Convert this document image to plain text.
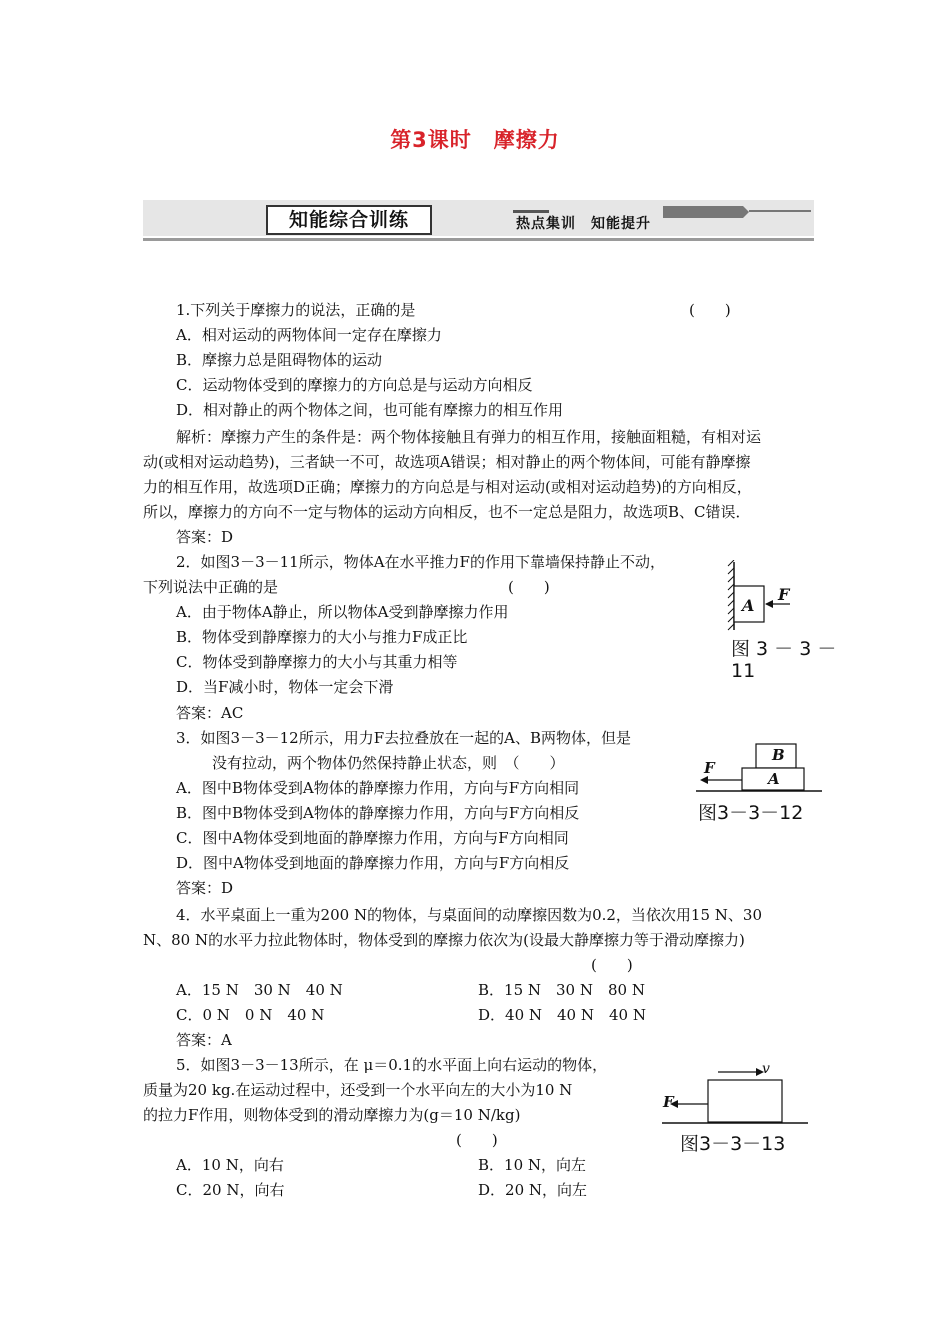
第3课时　摩擦力
知能综合训练	热点集训　知能提升
1.下列关于摩擦力的说法，正确的是	(　　)
A．相对运动的两物体间一定存在摩擦力
B．摩擦力总是阻碍物体的运动
C．运动物体受到的摩擦力的方向总是与运动方向相反
D．相对静止的两个物体之间，也可能有摩擦力的相互作用
解析：摩擦力产生的条件是：两个物体接触且有弹力的相互作用，接触面粗糙，有相对运
动(或相对运动趋势)，三者缺一不可，故选项A错误；相对静止的两个物体间，可能有静摩擦
力的相互作用，故选项D正确；摩擦力的方向总是与相对运动(或相对运动趋势)的方向相反，
所以，摩擦力的方向不一定与物体的运动方向相反，也不一定总是阻力，故选项B、C错误．
答案：D
2．如图3－3－11所示，物体A在水平推力F的作用下靠墙保持静止不动，
下列说法中正确的是	(　　)
A．由于物体A静止，所以物体A受到静摩擦力作用
B．物体受到静摩擦力的大小与推力F成正比
C．物体受到静摩擦力的大小与其重力相等
D．当F减小时，物体一定会下滑
答案：AC
A
F
图 3 － 3 －
11
3．如图3－3－12所示，用力F去拉叠放在一起的A、B两物体，但是
没有拉动，两个物体仍然保持静止状态，则　（　　）
A．图中B物体受到A物体的静摩擦力作用，方向与F方向相同
B．图中B物体受到A物体的静摩擦力作用，方向与F方向相反
C．图中A物体受到地面的静摩擦力作用，方向与F方向相同
D．图中A物体受到地面的静摩擦力作用，方向与F方向相反
答案：D
B
A
F
图3－3－12
4．水平桌面上一重为200 N的物体，与桌面间的动摩擦因数为0.2，当依次用15 N、30
N、80 N的水平力拉此物体时，物体受到的摩擦力依次为(设最大静摩擦力等于滑动摩擦力)
(　　)
A．15 N　30 N　40 N	B．15 N　30 N　80 N
C．0 N　0 N　40 N	D．40 N　40 N　40 N
答案：A
5．如图3－3－13所示，在 μ＝0.1的水平面上向右运动的物体，
质量为20 kg.在运动过程中，还受到一个水平向左的大小为10 N
的拉力F作用，则物体受到的滑动摩擦力为(g＝10 N/kg)
(　　)
A．10 N，向右	B．10 N，向左
C．20 N，向右	D．20 N，向左
v
F
图3－3－13
